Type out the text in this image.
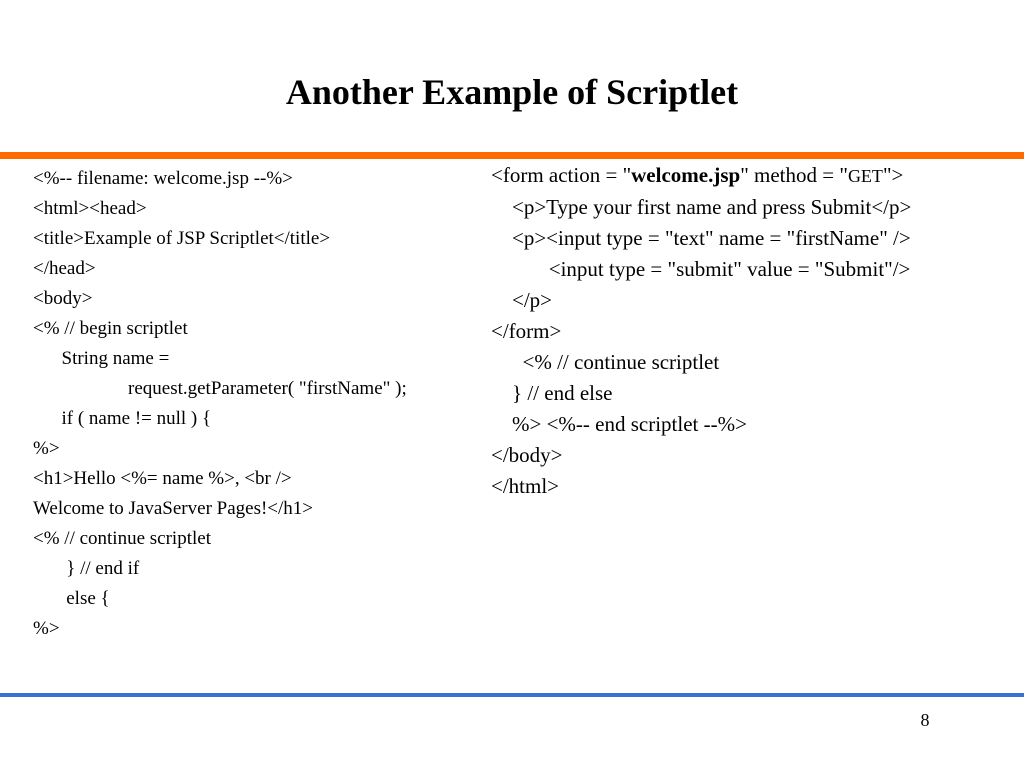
Another Example of Scriptlet
<%-- filename: welcome.jsp --%>
<html><head>
<title>Example of JSP Scriptlet</title>
</head>
<body>
<% // begin scriptlet
String name =
request.getParameter( "firstName" );
if ( name != null ) {
%>
<h1>Hello <%= name %>, <br />
Welcome to JavaServer Pages!</h1>
<% // continue scriptlet
} // end if
else {
%>
<form action = "welcome.jsp" method = "GET">
<p>Type your first name and press Submit</p>
<p><input type = "text" name = "firstName" />
<input type = "submit" value = "Submit"/>
</p>
</form>
<% // continue scriptlet
} // end else
%> <%-- end scriptlet --%>
</body>
</html>
8
